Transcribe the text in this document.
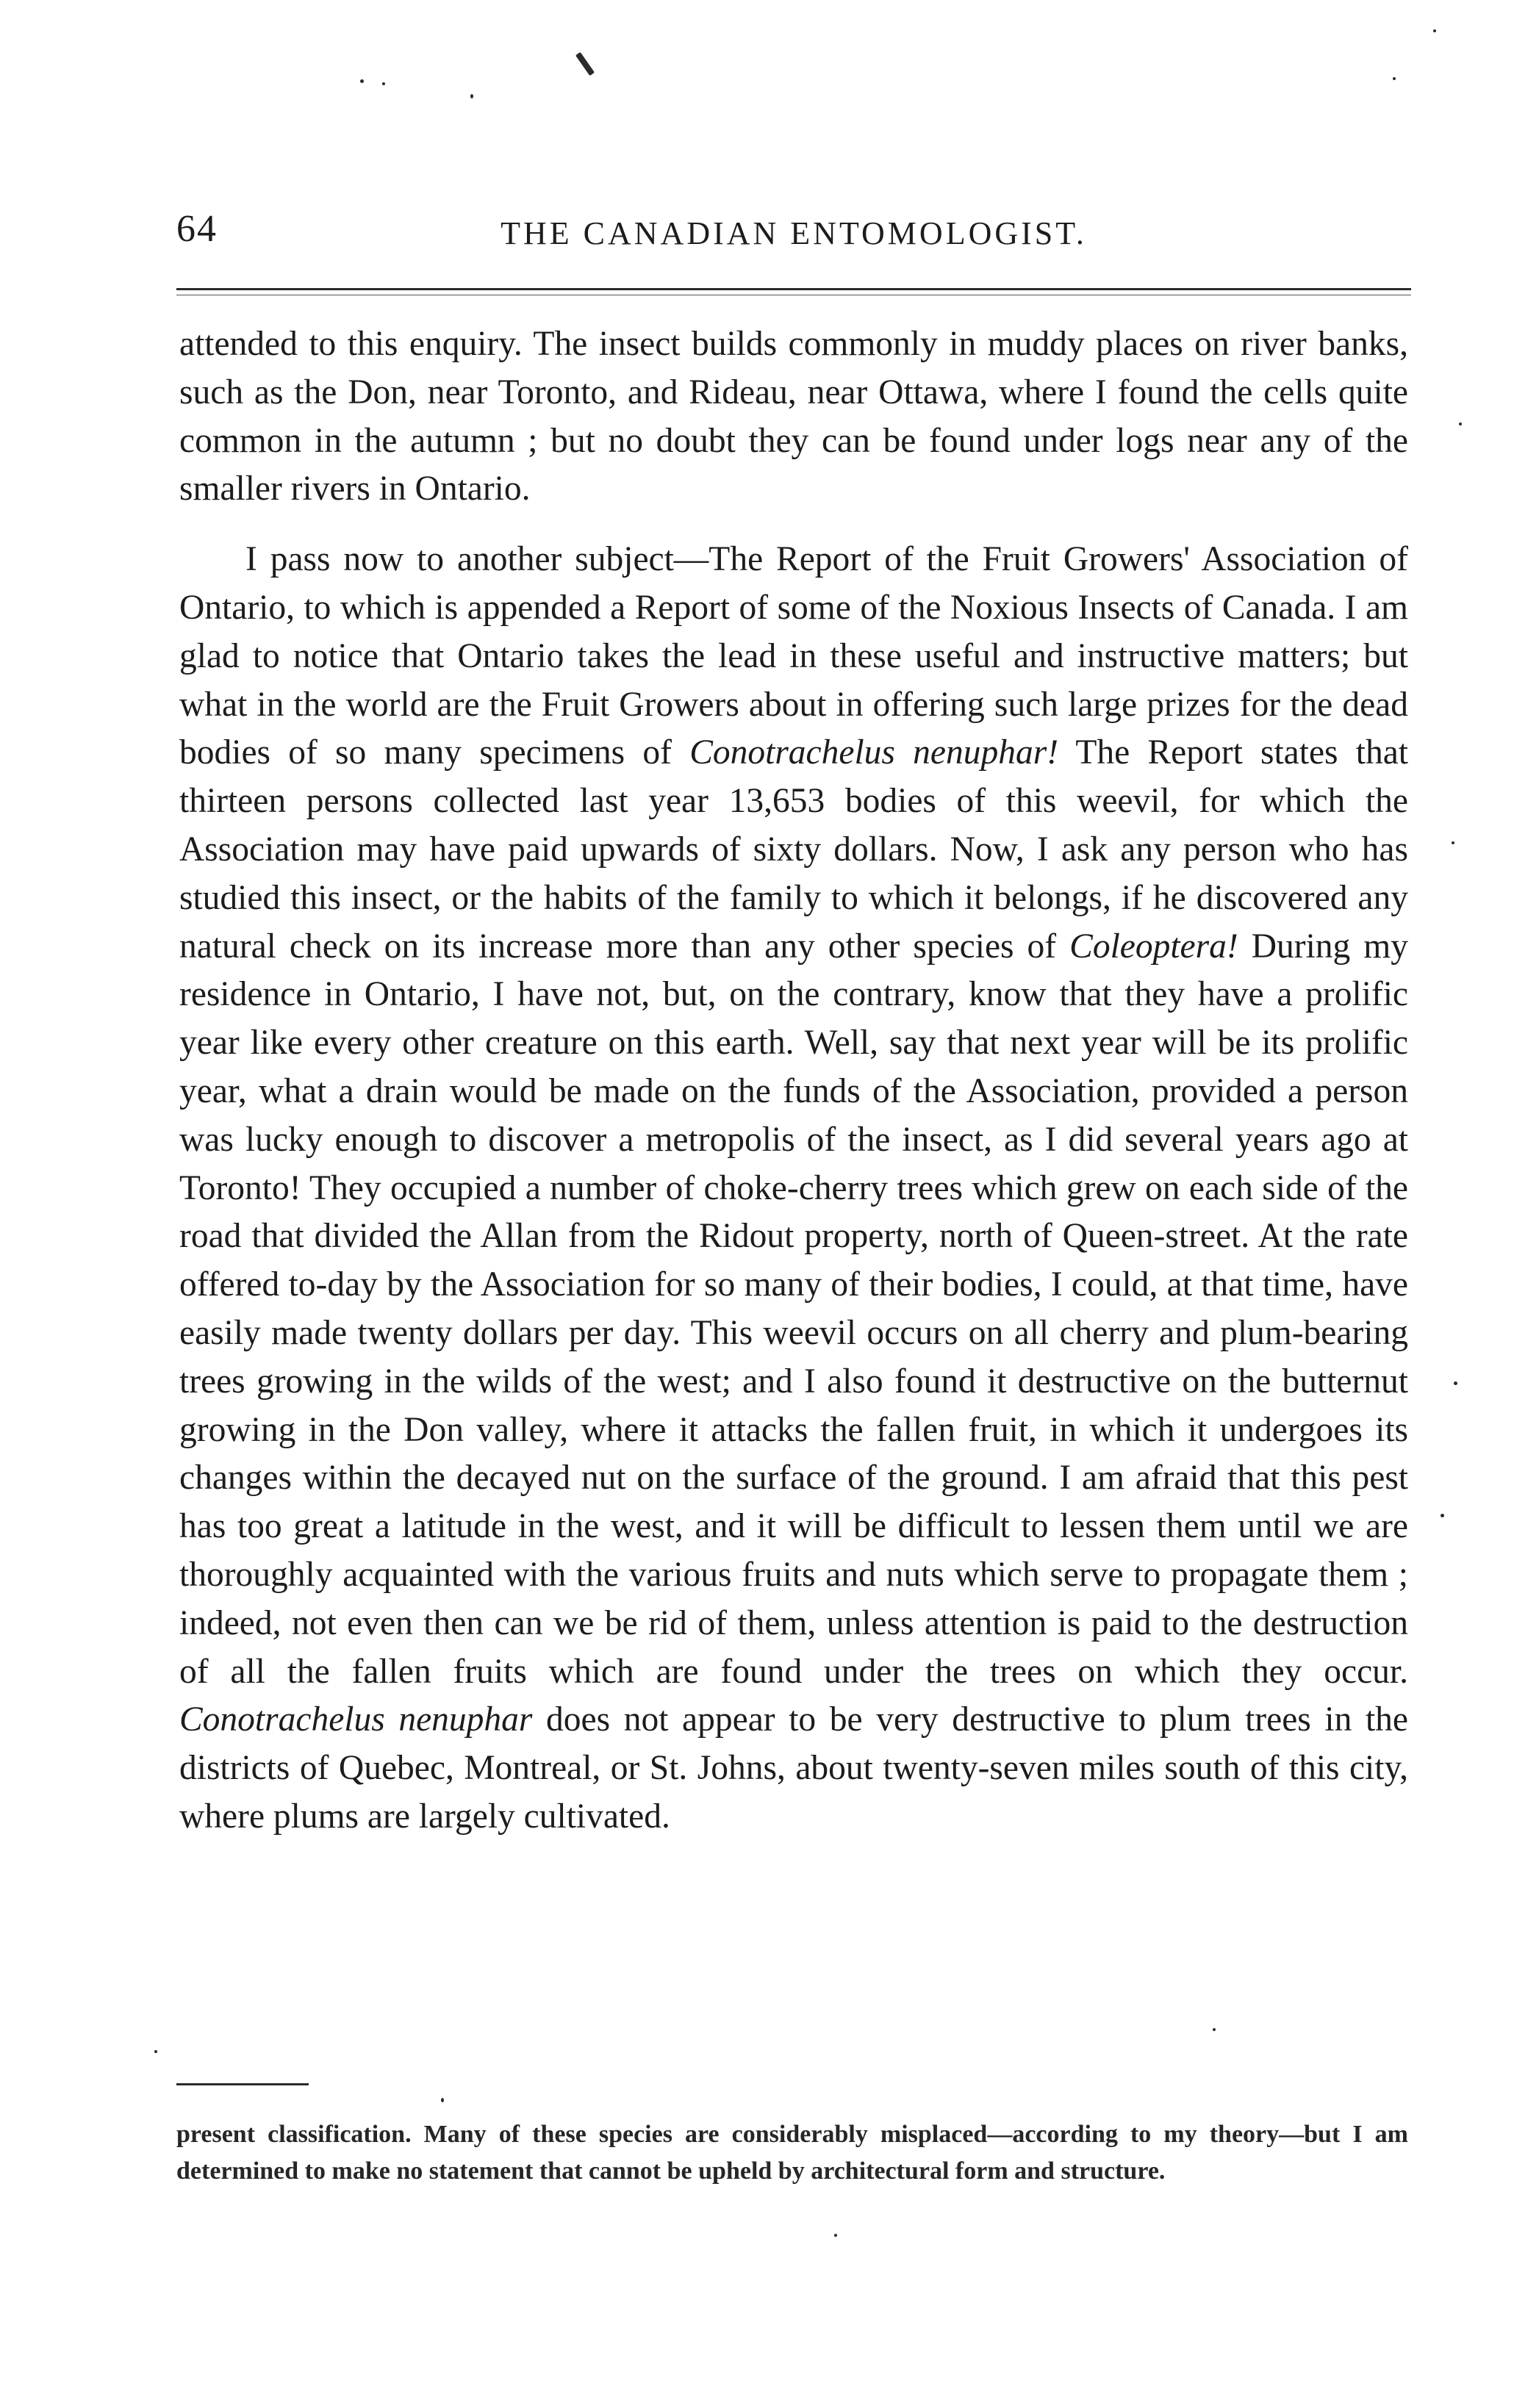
64	THE CANADIAN ENTOMOLOGIST.

attended to this enquiry. The insect builds commonly in muddy places on river banks, such as the Don, near Toronto, and Rideau, near Ottawa, where I found the cells quite common in the autumn ; but no doubt they can be found under logs near any of the smaller rivers in Ontario.

I pass now to another subject—The Report of the Fruit Growers' Association of Ontario, to which is appended a Report of some of the Noxious Insects of Canada. I am glad to notice that Ontario takes the lead in these useful and instructive matters; but what in the world are the Fruit Growers about in offering such large prizes for the dead bodies of so many specimens of Conotrachelus nenuphar! The Report states that thirteen persons collected last year 13,653 bodies of this weevil, for which the Association may have paid upwards of sixty dollars. Now, I ask any person who has studied this insect, or the habits of the family to which it belongs, if he discovered any natural check on its increase more than any other species of Coleoptera! During my residence in Ontario, I have not, but, on the contrary, know that they have a prolific year like every other creature on this earth. Well, say that next year will be its prolific year, what a drain would be made on the funds of the Association, provided a person was lucky enough to discover a metropolis of the insect, as I did several years ago at Toronto! They occupied a number of choke-cherry trees which grew on each side of the road that divided the Allan from the Ridout property, north of Queen-street. At the rate offered to-day by the Association for so many of their bodies, I could, at that time, have easily made twenty dollars per day. This weevil occurs on all cherry and plum-bearing trees growing in the wilds of the west; and I also found it destructive on the butternut growing in the Don valley, where it attacks the fallen fruit, in which it undergoes its changes within the decayed nut on the surface of the ground. I am afraid that this pest has too great a latitude in the west, and it will be difficult to lessen them until we are thoroughly acquainted with the various fruits and nuts which serve to propagate them ; indeed, not even then can we be rid of them, unless attention is paid to the destruction of all the fallen fruits which are found under the trees on which they occur. Conotrachelus nenuphar does not appear to be very destructive to plum trees in the districts of Quebec, Montreal, or St. Johns, about twenty-seven miles south of this city, where plums are largely cultivated.

present classification. Many of these species are considerably misplaced—according to my theory—but I am determined to make no statement that cannot be upheld by architectural form and structure.
